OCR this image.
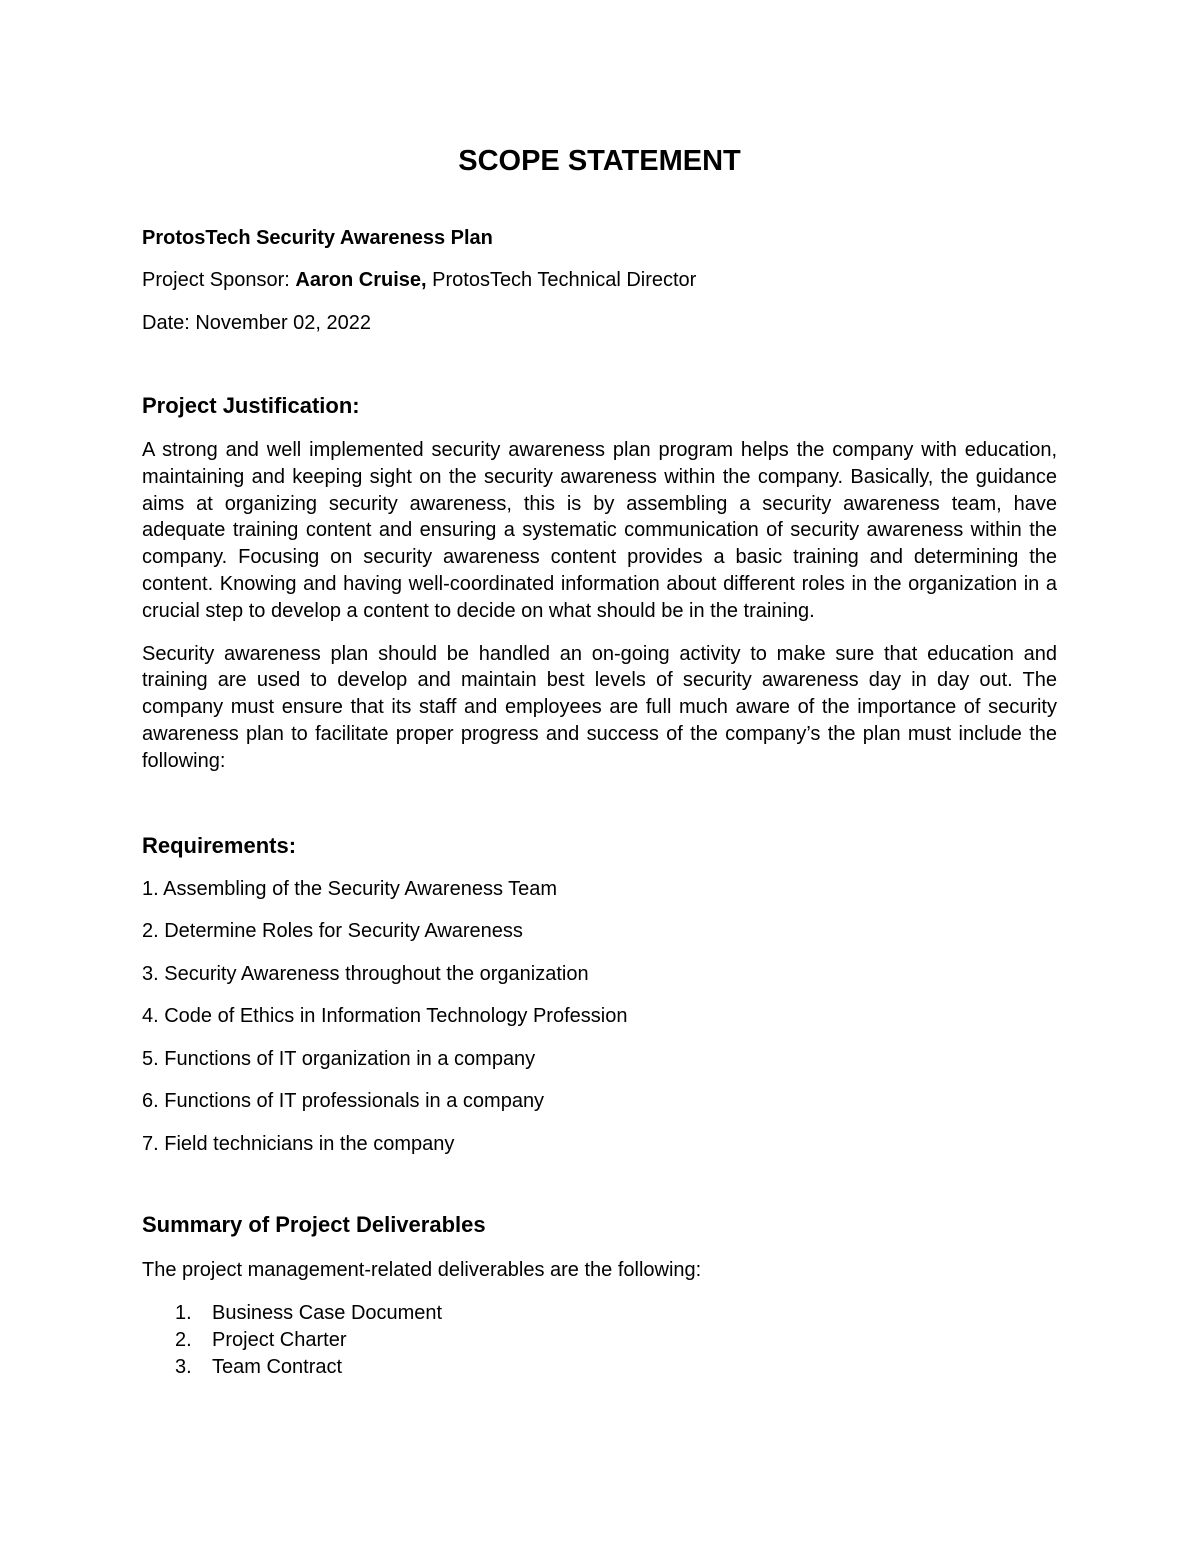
SCOPE STATEMENT

ProtosTech Security Awareness Plan

Project Sponsor: Aaron Cruise, ProtosTech Technical Director

Date: November 02, 2022

Project Justification:

A strong and well implemented security awareness plan program helps the company with education, maintaining and keeping sight on the security awareness within the company. Basically, the guidance aims at organizing security awareness, this is by assembling a security awareness team, have adequate training content and ensuring a systematic communication of security awareness within the company. Focusing on security awareness content provides a basic training and determining the content. Knowing and having well-coordinated information about different roles in the organization in a crucial step to develop a content to decide on what should be in the training.

Security awareness plan should be handled an on-going activity to make sure that education and training are used to develop and maintain best levels of security awareness day in day out. The company must ensure that its staff and employees are full much aware of the importance of security awareness plan to facilitate proper progress and success of the company’s the plan must include the following:

Requirements:
1. Assembling of the Security Awareness Team
2. Determine Roles for Security Awareness
3. Security Awareness throughout the organization
4. Code of Ethics in Information Technology Profession
5. Functions of IT organization in a company
6. Functions of IT professionals in a company
7. Field technicians in the company
Summary of Project Deliverables

The project management-related deliverables are the following:

1. Business Case Document
2. Project Charter
3. Team Contract
